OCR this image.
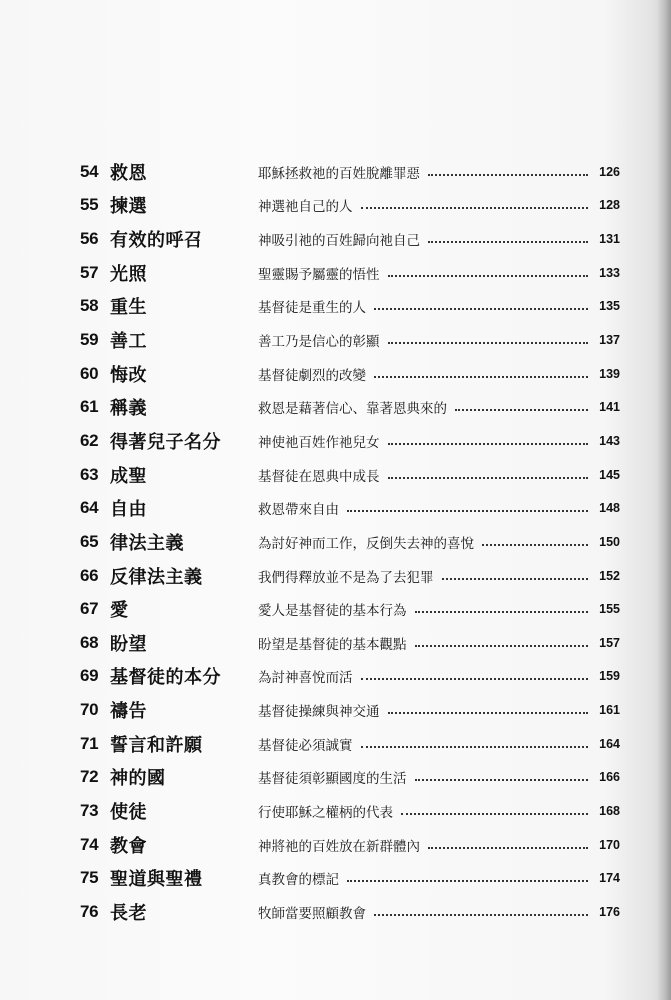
54 救恩	耶穌拯救祂的百姓脫離罪惡	126
55 揀選	神選祂自己的人	128
56 有效的呼召	神吸引祂的百姓歸向祂自己	131
57 光照	聖靈賜予屬靈的悟性	133
58 重生	基督徒是重生的人	135
59 善工	善工乃是信心的彰顯	137
60 悔改	基督徒劇烈的改變	139
61 稱義	救恩是藉著信心、靠著恩典來的	141
62 得著兒子名分	神使祂百姓作祂兒女	143
63 成聖	基督徒在恩典中成長	145
64 自由	救恩帶來自由	148
65 律法主義	為討好神而工作，反倒失去神的喜悅	150
66 反律法主義	我們得釋放並不是為了去犯罪	152
67 愛	愛人是基督徒的基本行為	155
68 盼望	盼望是基督徒的基本觀點	157
69 基督徒的本分	為討神喜悅而活	159
70 禱告	基督徒操練與神交通	161
71 誓言和許願	基督徒必須誠實	164
72 神的國	基督徒須彰顯國度的生活	166
73 使徒	行使耶穌之權柄的代表	168
74 教會	神將祂的百姓放在新群體內	170
75 聖道與聖禮	真教會的標記	174
76 長老	牧師當要照顧教會	176
